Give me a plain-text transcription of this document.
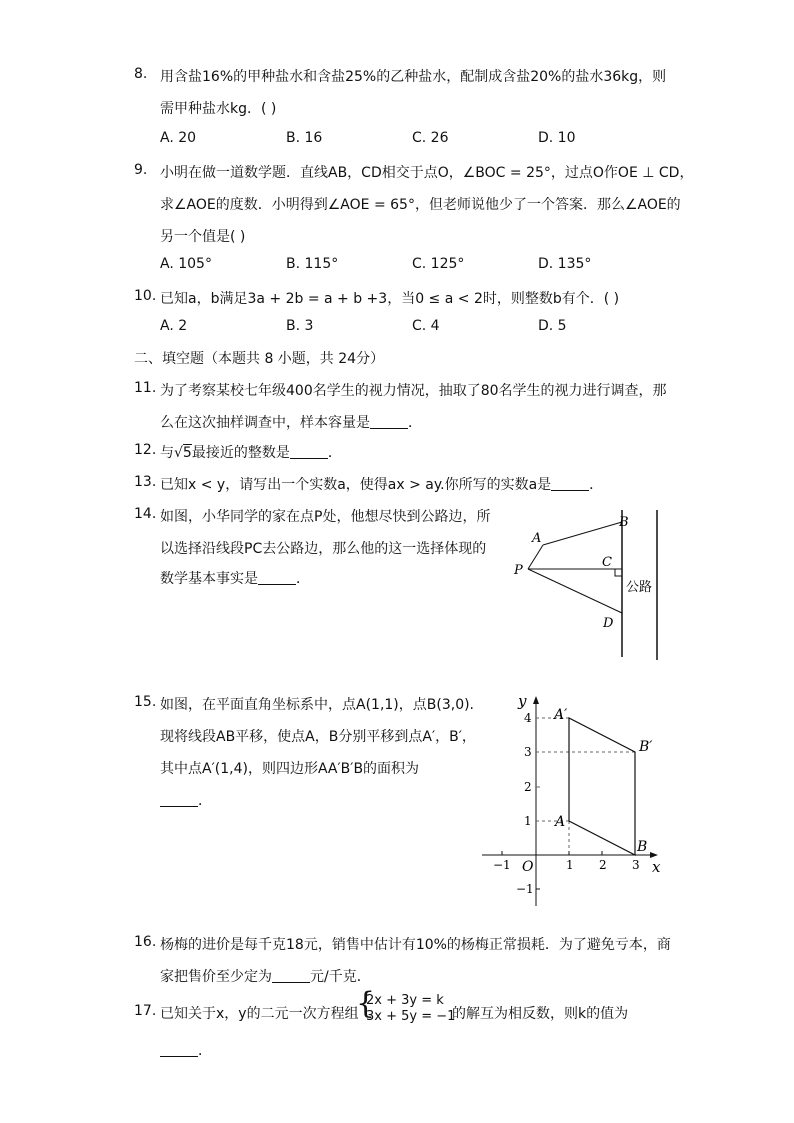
8. 用含盐16%的甲种盐水和含盐25%的乙种盐水，配制成含盐20%的盐水36kg，则
需甲种盐水kg．( )
A. 20	B. 16	C. 26	D. 10
9. 小明在做一道数学题．直线AB，CD相交于点O，∠BOC = 25°，过点O作OE ⊥ CD，
求∠AOE的度数．小明得到∠AOE = 65°，但老师说他少了一个答案．那么∠AOE的
另一个值是( )
A. 105°	B. 115°	C. 125°	D. 135°
10. 已知a，b满足3a + 2b = a + b +3，当0 ≤ a < 2时，则整数b有个．( )
A. 2	B. 3	C. 4	D. 5
二、填空题（本题共 8 小题，共 24分）
11. 为了考察某校七年级400名学生的视力情况，抽取了80名学生的视力进行调查，那
么在这次抽样调查中，样本容量是	．
12. 与√5最接近的整数是	．
13. 已知x < y，请写出一个实数a，使得ax > ay.你所写的实数a是	．
14. 如图，小华同学的家在点P处，他想尽快到公路边，所
以选择沿线段PC去公路边，那么他的这一选择体现的
数学基本事实是	．
A
B
C
D
P
公路
15. 如图，在平面直角坐标系中，点A(1,1)，点B(3,0).
现将线段AB平移，使点A，B分别平移到点A′，B′，
其中点A′(1,4)，则四边形AA′B′B的面积为
．
y
x
O
−1	1 2 3
−1
1
2
3
4
A
A′
B′
B
16. 杨梅的进价是每千克18元，销售中估计有10%的杨梅正常损耗．为了避免亏本，商
家把售价至少定为	元/千克．
17. 已知关于x，y的二元一次方程组
{
2x + 3y = k
3x + 5y = −1
的解互为相反数，则k的值为
．
